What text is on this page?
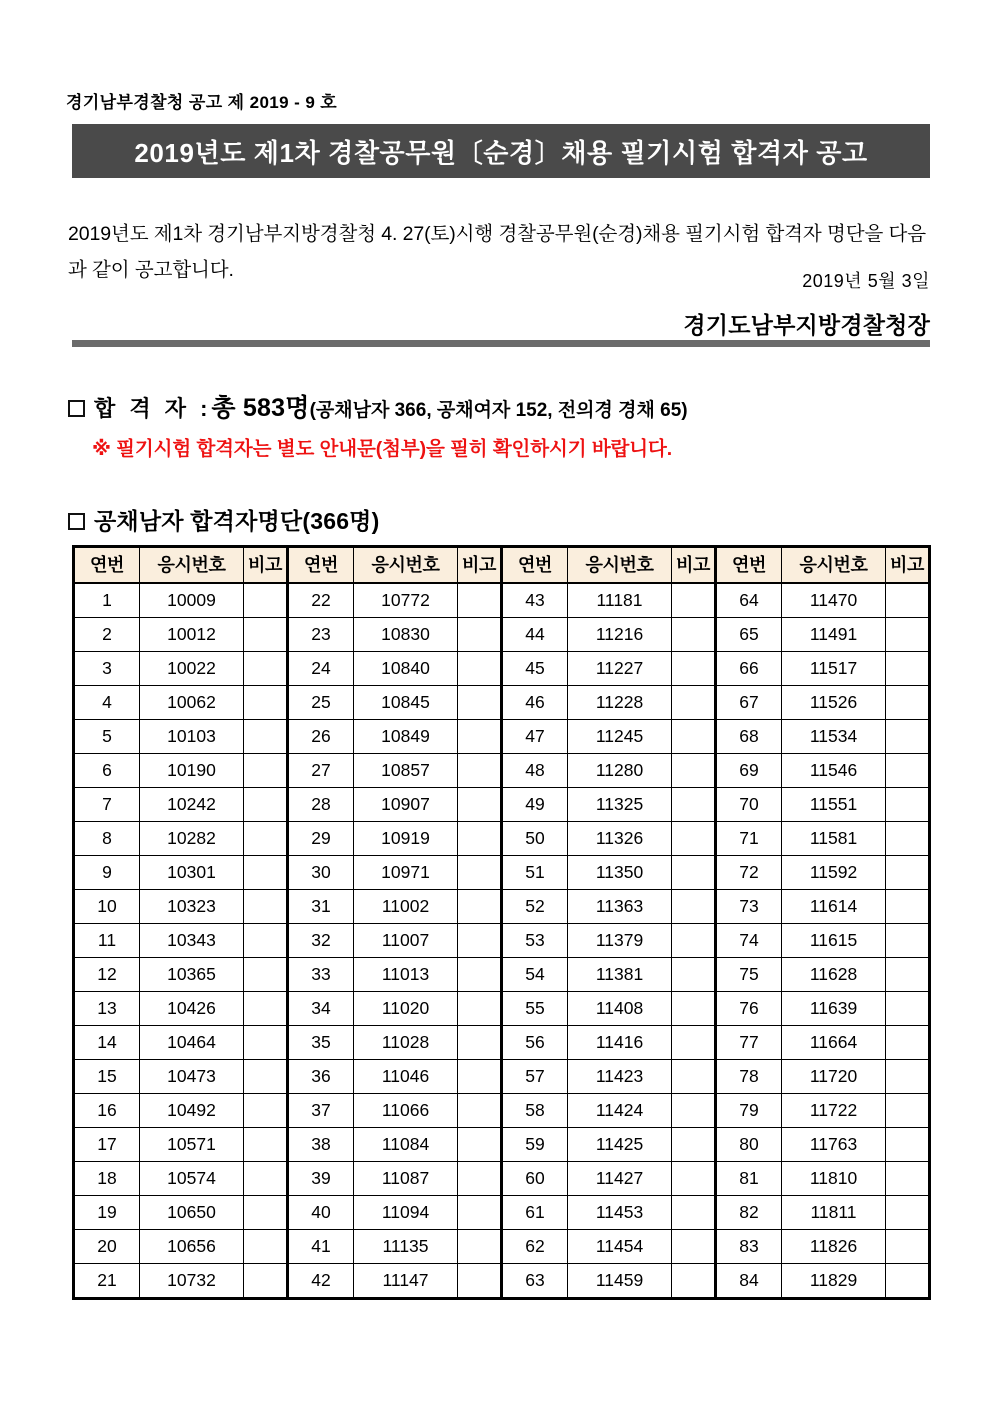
경기남부경찰청 공고 제 2019 - 9 호
2019년도 제1차 경찰공무원〔순경〕채용 필기시험 합격자 공고

2019년도 제1차 경기남부지방경찰청 4. 27(토)시행 경찰공무원(순경)채용 필기시험 합격자 명단을 다음과 같이 공고합니다.

2019년 5월 3일
경기도남부지방경찰청장
합 격 자 :총 583명(공채남자 366, 공채여자 152, 전의경 경채 65)
※ 필기시험 합격자는 별도 안내문(첨부)을 필히 확인하시기 바랍니다.
공채남자 합격자명단(366명)
연번	응시번호	비고	연번	응시번호	비고	연번	응시번호	비고	연번	응시번호	비고
1	10009		22	10772		43	11181		64	11470	
2	10012		23	10830		44	11216		65	11491	
3	10022		24	10840		45	11227		66	11517	
4	10062		25	10845		46	11228		67	11526	
5	10103		26	10849		47	11245		68	11534	
6	10190		27	10857		48	11280		69	11546	
7	10242		28	10907		49	11325		70	11551	
8	10282		29	10919		50	11326		71	11581	
9	10301		30	10971		51	11350		72	11592	
10	10323		31	11002		52	11363		73	11614	
11	10343		32	11007		53	11379		74	11615	
12	10365		33	11013		54	11381		75	11628	
13	10426		34	11020		55	11408		76	11639	
14	10464		35	11028		56	11416		77	11664	
15	10473		36	11046		57	11423		78	11720	
16	10492		37	11066		58	11424		79	11722	
17	10571		38	11084		59	11425		80	11763	
18	10574		39	11087		60	11427		81	11810	
19	10650		40	11094		61	11453		82	11811	
20	10656		41	11135		62	11454		83	11826	
21	10732		42	11147		63	11459		84	11829	
